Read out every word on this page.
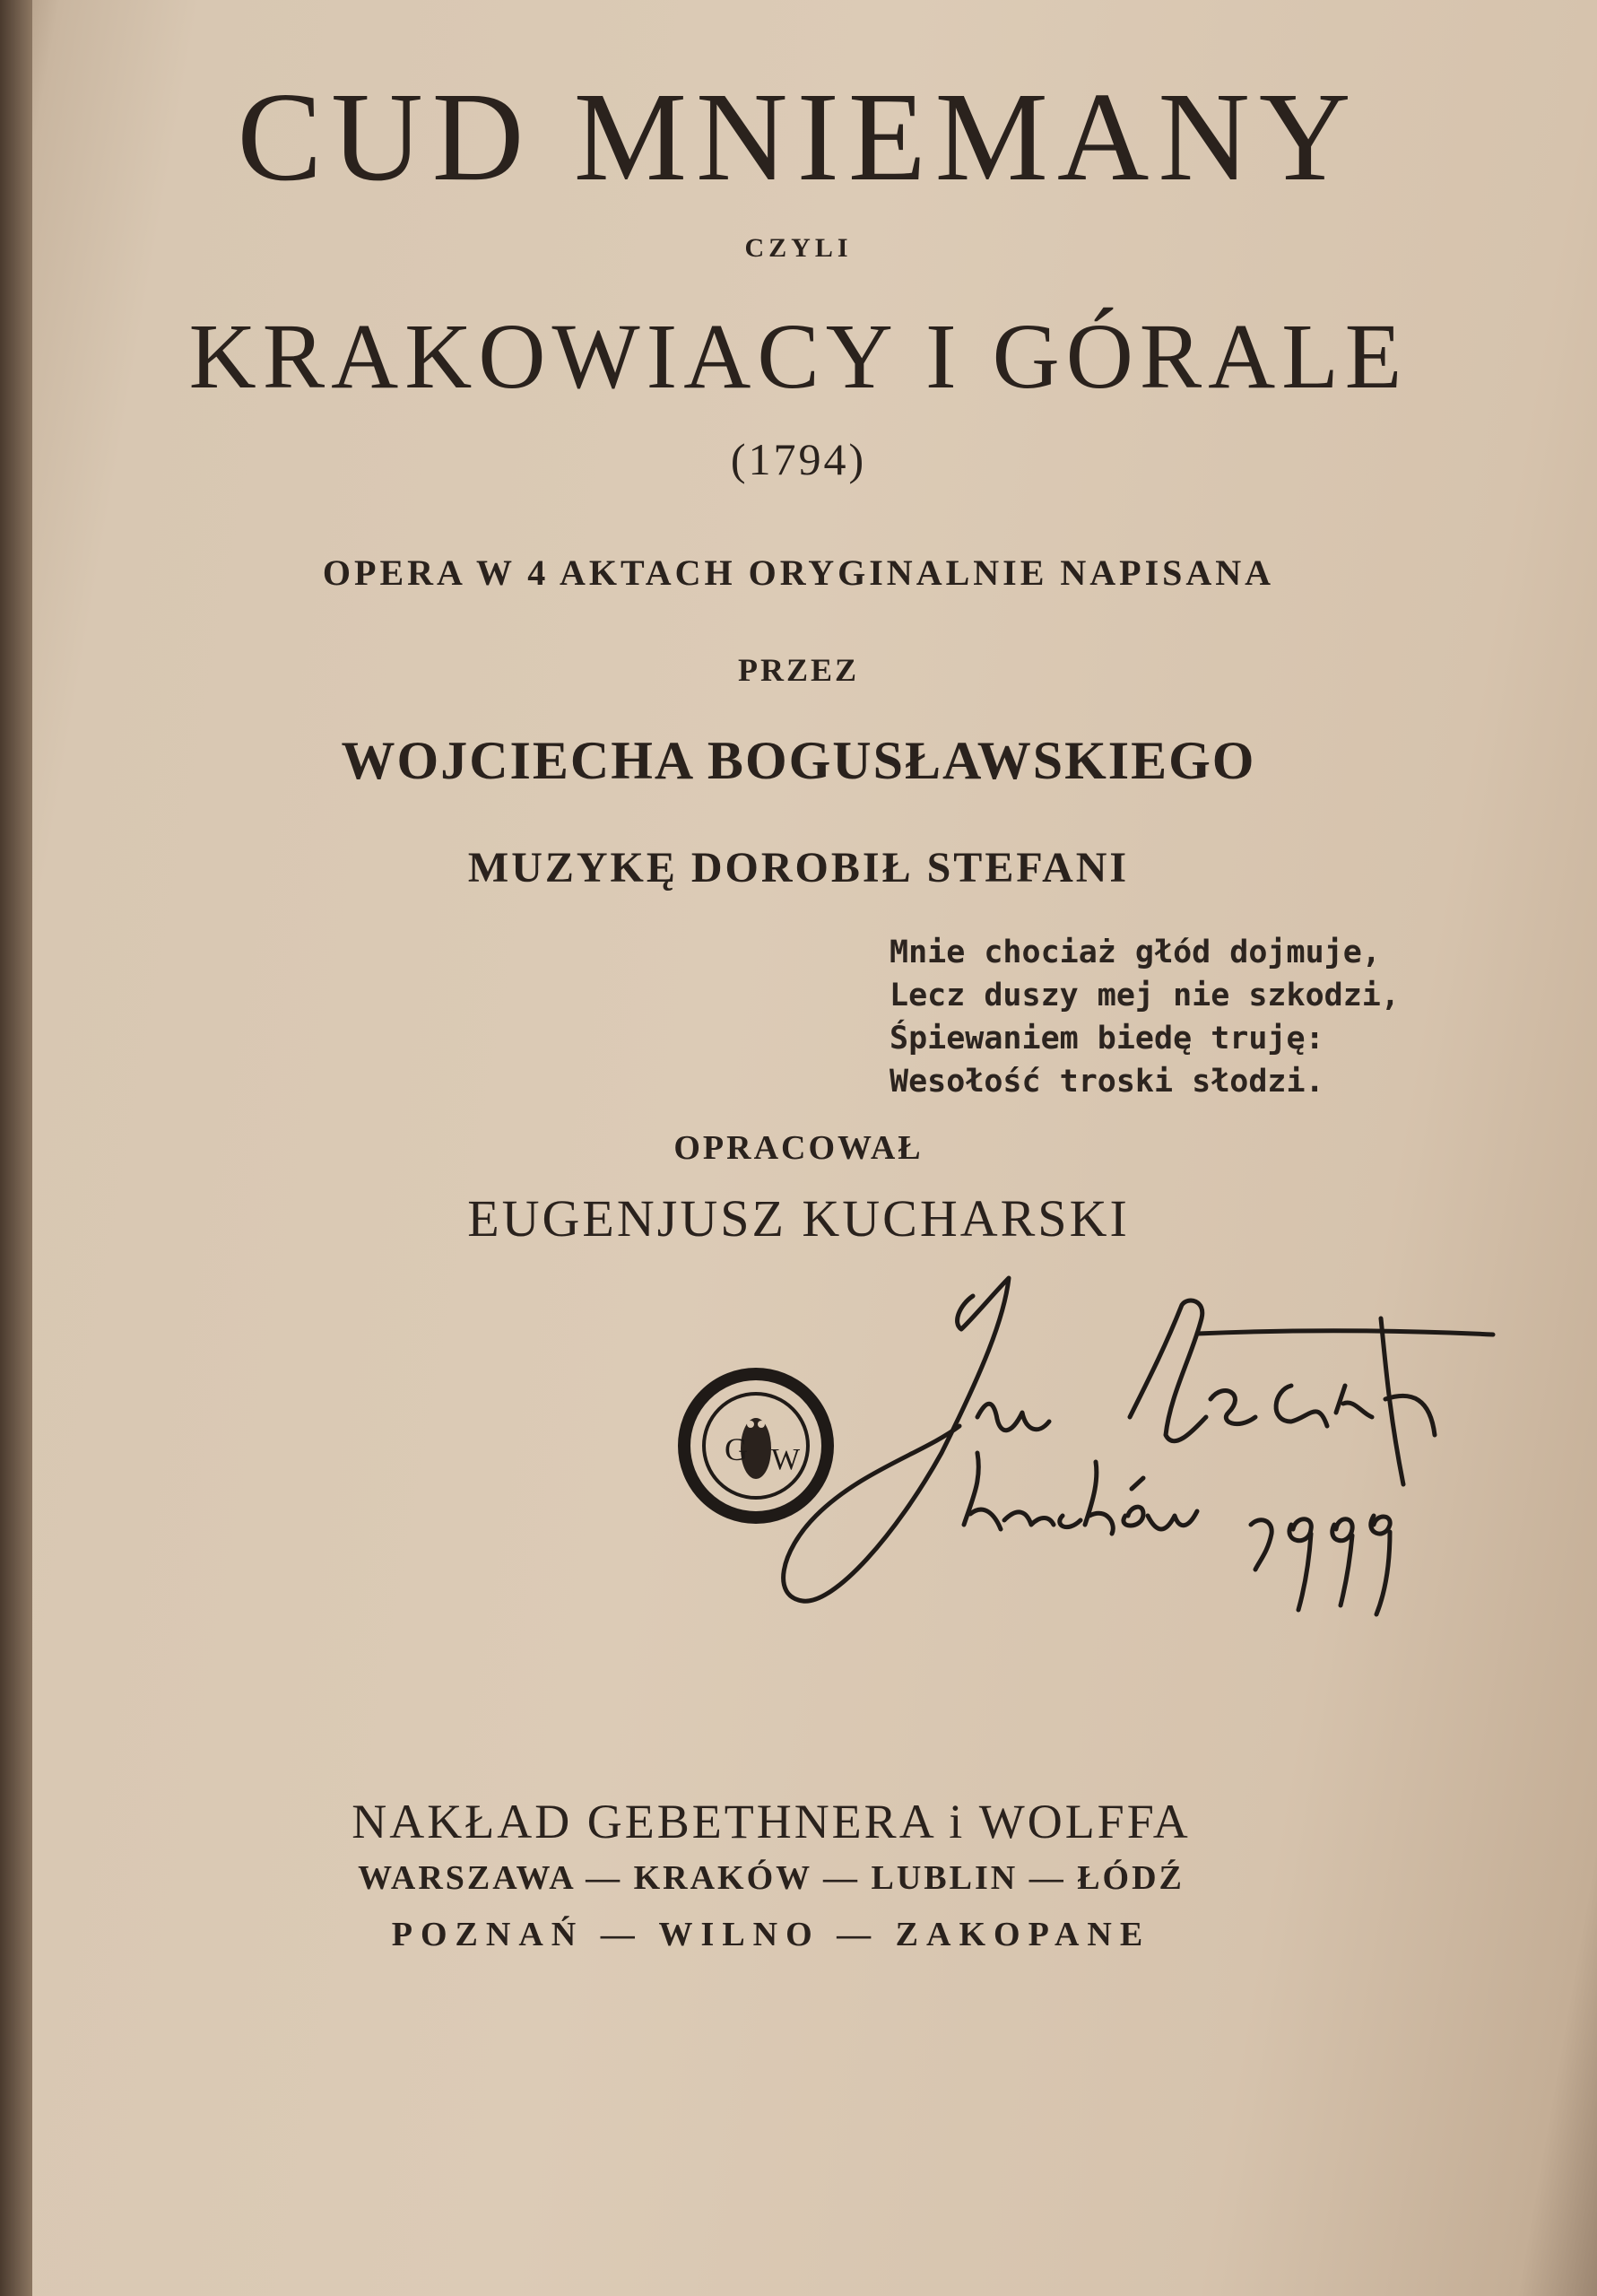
CUD MNIEMANY
CZYLI
KRAKOWIACY I GÓRALE
(1794)
OPERA W 4 AKTACH ORYGINALNIE NAPISANA
PRZEZ
WOJCIECHA BOGUSŁAWSKIEGO
MUZYKĘ DOROBIŁ STEFANI
Mnie chociaż głód dojmuje,
Lecz duszy mej nie szkodzi,
Śpiewaniem biedę truję:
Wesołość troski słodzi.
OPRACOWAŁ
EUGENJUSZ KUCHARSKI
G W
NAKŁAD GEBETHNERA i WOLFFA
WARSZAWA — KRAKÓW — LUBLIN — ŁÓDŹ
POZNAŃ — WILNO — ZAKOPANE
